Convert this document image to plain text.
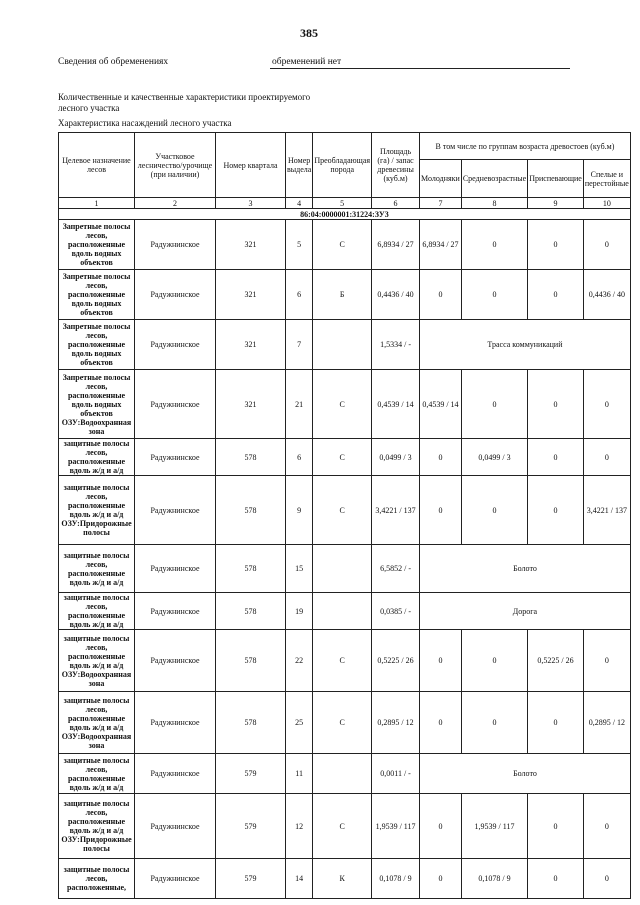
385
Сведения об обременениях	обременений нет
Количественные и качественные характеристики проектируемого лесного участка
Характеристика насаждений лесного участка
Целевое назначение лесов	Участковое лесничество/урочище (при наличии)	Номер квартала	Номер выдела	Преобладающая порода	Площадь (га) / запас древесины (куб.м)	В том числе по группам возраста древостоев (куб.м)			
						Молодняки	Средневозрастные	Приспевающие	Спелые и перестойные
1	2	3	4	5	6	7	8	9	10
86:04:0000001:31224:ЗУ3									
Запретные полосы лесов, расположенные вдоль водных объектов	Радужнинское	321	5	С	6,8934 / 27	6,8934 / 27	0	0	0
Запретные полосы лесов, расположенные вдоль водных объектов	Радужнинское	321	6	Б	0,4436 / 40	0	0	0	0,4436 / 40
Запретные полосы лесов, расположенные вдоль водных объектов	Радужнинское	321	7		1,5334 / -	Трасса коммуникаций			
Запретные полосы лесов, расположенные вдоль водных объектов ОЗУ:Водоохранная зона	Радужнинское	321	21	С	0,4539 / 14	0,4539 / 14	0	0	0
защитные полосы лесов, расположенные вдоль ж/д и а/д	Радужнинское	578	6	С	0,0499 / 3	0	0,0499 / 3	0	0
защитные полосы лесов, расположенные вдоль ж/д и а/д ОЗУ:Придорожные полосы	Радужнинское	578	9	С	3,4221 / 137	0	0	0	3,4221 / 137
защитные полосы лесов, расположенные вдоль ж/д и а/д	Радужнинское	578	15		6,5852 / -	Болото			
защитные полосы лесов, расположенные вдоль ж/д и а/д	Радужнинское	578	19		0,0385 / -	Дорога			
защитные полосы лесов, расположенные вдоль ж/д и а/д ОЗУ:Водоохранная зона	Радужнинское	578	22	С	0,5225 / 26	0	0	0,5225 / 26	0
защитные полосы лесов, расположенные вдоль ж/д и а/д ОЗУ:Водоохранная зона	Радужнинское	578	25	С	0,2895 / 12	0	0	0	0,2895 / 12
защитные полосы лесов, расположенные вдоль ж/д и а/д	Радужнинское	579	11		0,0011 / -	Болото			
защитные полосы лесов, расположенные вдоль ж/д и а/д ОЗУ:Придорожные полосы	Радужнинское	579	12	С	1,9539 / 117	0	1,9539 / 117	0	0
защитные полосы лесов, расположенные,	Радужнинское	579	14	К	0,1078 / 9	0	0,1078 / 9	0	0
